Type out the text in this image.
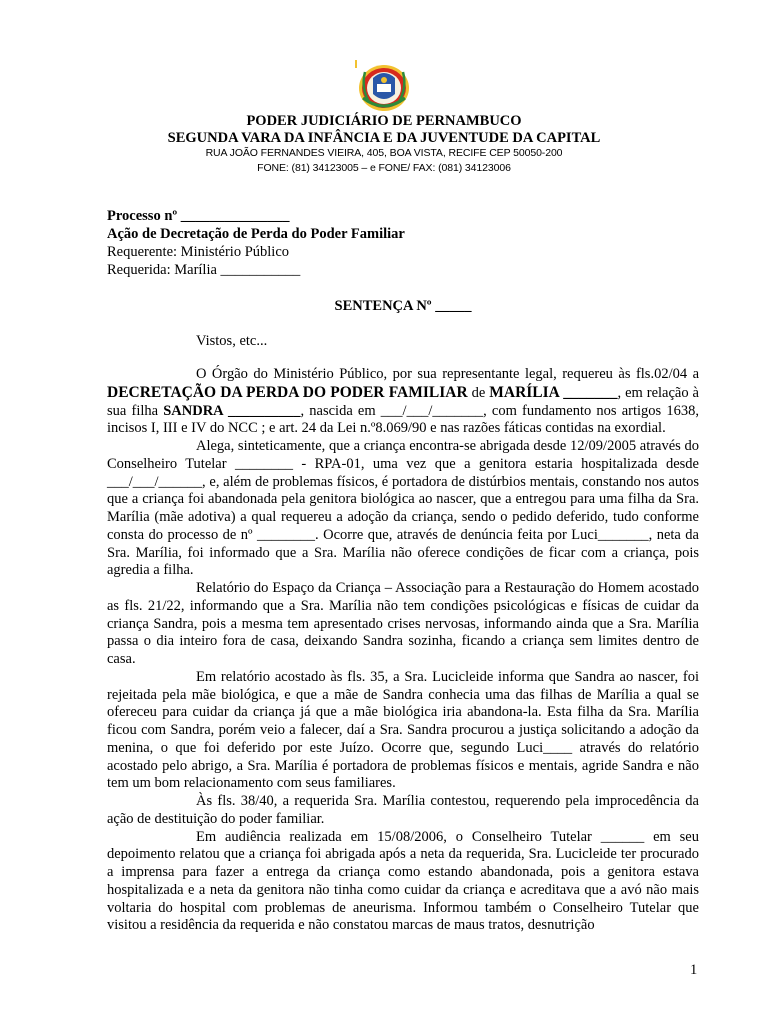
PODER JUDICIÁRIO DE PERNAMBUCO
SEGUNDA VARA DA INFÂNCIA E DA JUVENTUDE DA CAPITAL
RUA JOÃO FERNANDES VIEIRA, 405, BOA VISTA, RECIFE CEP 50050-200
FONE: (81) 34123005 – e FONE/ FAX: (081) 34123006
Processo nº _______________
Ação de Decretação de Perda do Poder Familiar
Requerente: Ministério Público
Requerida: Marília ___________
SENTENÇA Nº _____

Vistos, etc...

O Órgão do Ministério Público, por sua representante legal, requereu às fls.02/04 a DECRETAÇÃO DA PERDA DO PODER FAMILIAR de MARÍLIA _______, em relação à sua filha SANDRA __________, nascida em ___/___/_______, com fundamento nos artigos 1638, incisos I, III e IV do NCC ; e art. 24 da Lei n.º8.069/90 e nas razões fáticas contidas na exordial.

Alega, sinteticamente, que a criança encontra-se abrigada desde 12/09/2005 através do Conselheiro Tutelar ________ - RPA-01, uma vez que a genitora estaria hospitalizada desde ___/___/______, e, além de problemas físicos, é portadora de distúrbios mentais, constando nos autos que a criança foi abandonada pela genitora biológica ao nascer, que a entregou para uma filha da Sra. Marília (mãe adotiva) a qual requereu a adoção da criança, sendo o pedido deferido, tudo conforme consta do processo de nº ________. Ocorre que, através de denúncia feita por Luci_______, neta da Sra. Marília, foi informado que a Sra. Marília não oferece condições de ficar com a criança, pois agredia a filha.

Relatório do Espaço da Criança – Associação para a Restauração do Homem acostado as fls. 21/22, informando que a Sra. Marília não tem condições psicológicas e físicas de cuidar da criança Sandra, pois a mesma tem apresentado crises nervosas, informando ainda que a Sra. Marília passa o dia inteiro fora de casa, deixando Sandra sozinha, ficando a criança sem limites dentro de casa.

Em relatório acostado às fls. 35, a Sra. Lucicleide informa que Sandra ao nascer, foi rejeitada pela mãe biológica, e que a mãe de Sandra conhecia uma das filhas de Marília a qual se ofereceu para cuidar da criança já que a mãe biológica iria abandona-la. Esta filha da Sra. Marília ficou com Sandra, porém veio a falecer, daí a Sra. Sandra procurou a justiça solicitando a adoção da menina, o que foi deferido por este Juízo. Ocorre que, segundo Luci____ através do relatório acostado pelo abrigo, a Sra. Marília é portadora de problemas físicos e mentais, agride Sandra e não tem um bom relacionamento com seus familiares.

Às fls. 38/40, a requerida Sra. Marília contestou, requerendo pela improcedência da ação de destituição do poder familiar.

Em audiência realizada em 15/08/2006, o Conselheiro Tutelar ______ em seu depoimento relatou que a criança foi abrigada após a neta da requerida, Sra. Lucicleide ter procurado a imprensa para fazer a entrega da criança como estando abandonada, pois a genitora estava hospitalizada e a neta da genitora não tinha como cuidar da criança e acreditava que a avó não mais voltaria do hospital com problemas de aneurisma. Informou também o Conselheiro Tutelar que visitou a residência da requerida e não constatou marcas de maus tratos, desnutrição

1
